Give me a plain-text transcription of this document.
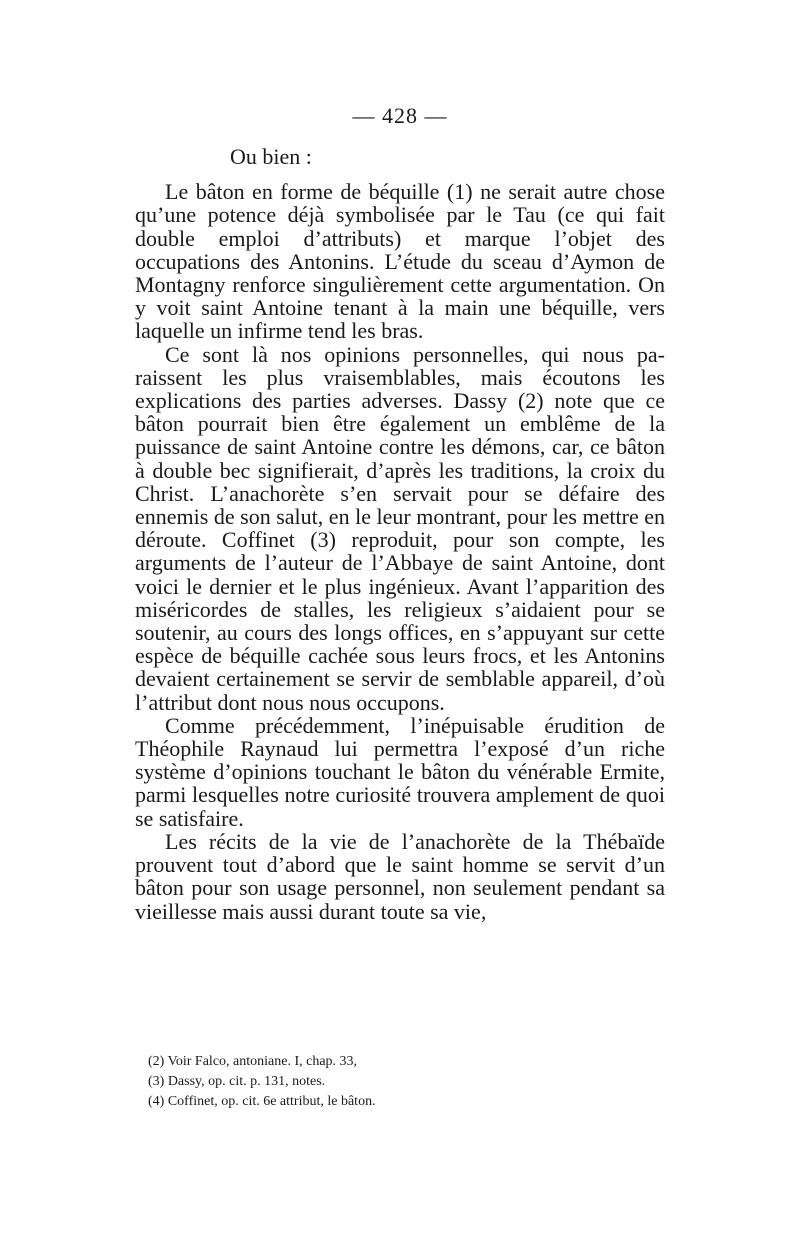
— 428 —

Ou bien :

Le bâton en forme de béquille (1) ne serait autre chose qu’une potence déjà symbolisée par le Tau (ce qui fait double emploi d’attributs) et marque l’objet des occupations des Antonins. L’étude du sceau d’Aymon de Montagny renforce singulièrement cette argumentation. On y voit saint Antoine tenant à la main une béquille, vers laquelle un infirme tend les bras.

Ce sont là nos opinions personnelles, qui nous paraissent les plus vraisemblables, mais écoutons les explications des parties adverses. Dassy (2) note que ce bâton pourrait bien être également un emblême de la puissance de saint Antoine contre les démons, car, ce bâton à double bec signifierait, d’après les traditions, la croix du Christ. L’anachorète s’en servait pour se défaire des ennemis de son salut, en le leur montrant, pour les mettre en déroute. Coffinet (3) reproduit, pour son compte, les arguments de l’auteur de l’Abbaye de saint Antoine, dont voici le dernier et le plus ingénieux. Avant l’apparition des miséricordes de stalles, les religieux s’aidaient pour se soutenir, au cours des longs offices, en s’appuyant sur cette espèce de béquille cachée sous leurs frocs, et les Antonins devaient certainement se servir de semblable appareil, d’où l’attribut dont nous nous occupons.

Comme précédemment, l’inépuisable érudition de Théophile Raynaud lui permettra l’exposé d’un riche système d’opinions touchant le bâton du vénérable Ermite, parmi lesquelles notre curiosité trouvera amplement de quoi se satisfaire.

Les récits de la vie de l’anachorète de la Thébaïde prouvent tout d’abord que le saint homme se servit d’un bâton pour son usage personnel, non seulement pendant sa vieillesse mais aussi durant toute sa vie,

(2) Voir Falco, antoniane. I, chap. 33,

(3) Dassy, op. cit. p. 131, notes.

(4) Coffinet, op. cit. 6e attribut, le bâton.
